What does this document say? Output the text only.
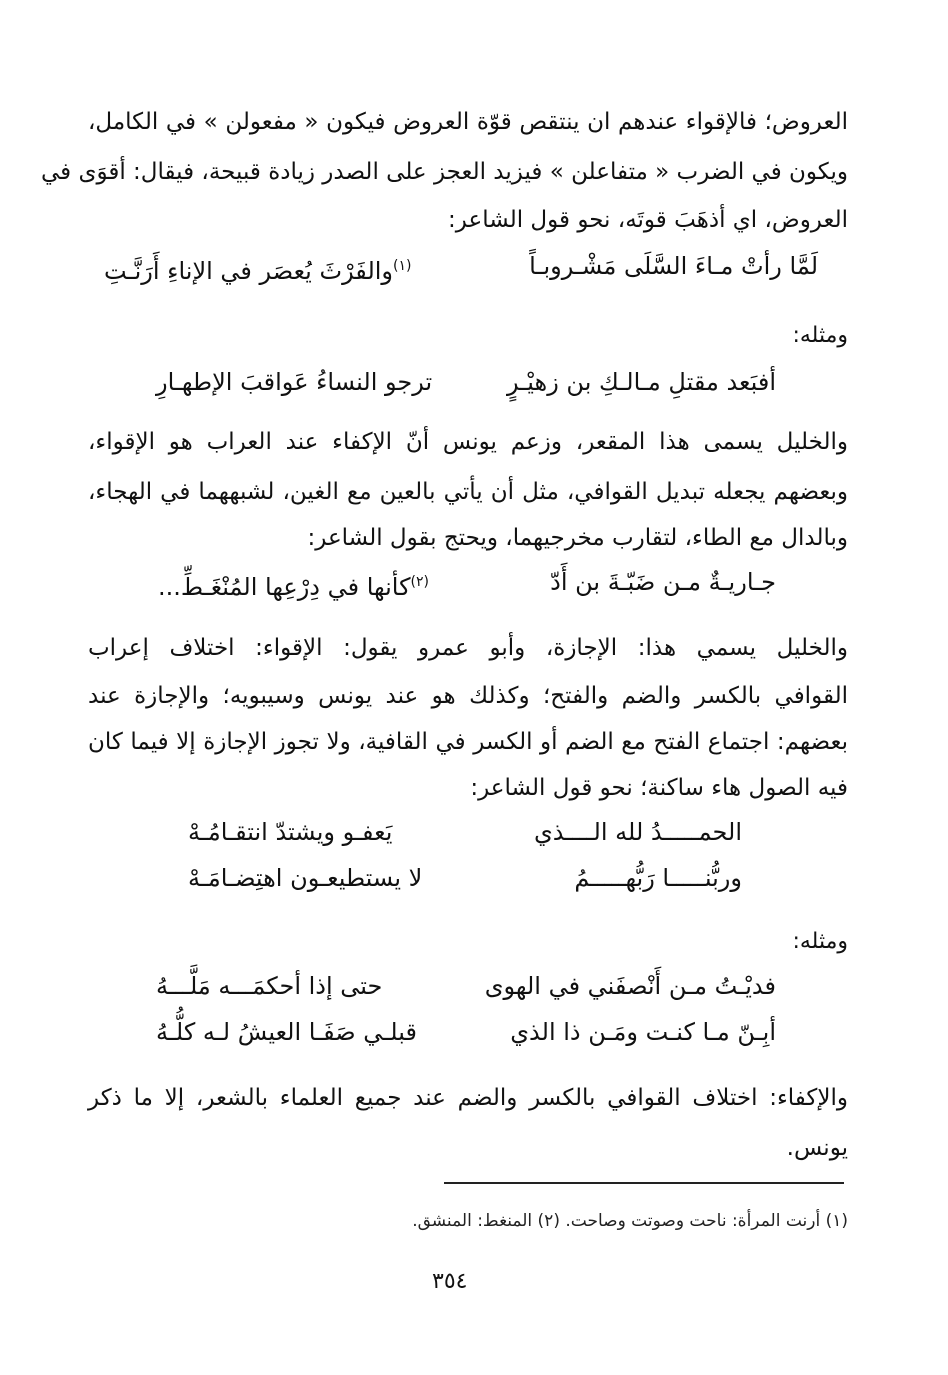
العروض؛ فالإقواء عندهم ان ينتقص قوّة العروض فيكون « مفعولن » في الكامل،
ويكون في الضرب « متفاعلن » فيزيد العجز على الصدر زيادة قبيحة، فيقال: أقوَى في
العروض، اي أذهَبَ قوتَه، نحو قول الشاعر:
لَمَّا رأتْ مـاءَ السَّلَى مَشْـروبـاً
$^{(١)}$والفَرْثَ يُعصَر في الإناءِ أَرَنَّـتِ
ومثله:
أفبَعد مقتلِ مـالـكِ بن زهيْـرٍ
ترجو النساءُ عَواقبَ الإطهـارِ
والخليل يسمى هذا المقعر، وزعم يونس أنّ الإكفاء عند العراب هو الإقواء،
وبعضهم يجعله تبديل القوافي، مثل أن يأتي بالعين مع الغين، لشبههما في الهجاء،
وبالدال مع الطاء، لتقارب مخرجيهما، ويحتج بقول الشاعر:
جـاريـةٌ مـن ضَبّـةَ بن أَدّ
$^{(٢)}$كأنها في دِرْعِها المُنْغَـطِّ...
والخليل يسمي هذا: الإجازة، وأبو عمرو يقول: الإقواء: اختلاف إعراب
القوافي بالكسر والضم والفتح؛ وكذلك هو عند يونس وسيبويه؛ والإجازة عند
بعضهم: اجتماع الفتح مع الضم أو الكسر في القافية، ولا تجوز الإجازة إلا فيما كان
فيه الصول هاء ساكنة؛ نحو قول الشاعر:
الحمـــــدُ لله الــــذي
يَعفـو ويشتدّ انتقـامُـهْ
وربُّنـــــا رَبُّهـــــمُ
لا يستطيعـون اهتِضـامَـهْ
ومثله:
فديْـتُ مـن أَنْصفَني في الهوى
حتى إذا أحكمَـــه مَلَّـــهُ
أبِـنّ مـا كنـت ومَـن ذا الذي
قبلـي صَفَـا العيشُ لـه كلُّـهُ
والإكفاء: اختلاف القوافي بالكسر والضم عند جميع العلماء بالشعر، إلا ما ذكر
يونس.
(١) أرنت المرأة: ناحت وصوتت وصاحت. (٢) المنغط: المنشق.
٣٥٤
